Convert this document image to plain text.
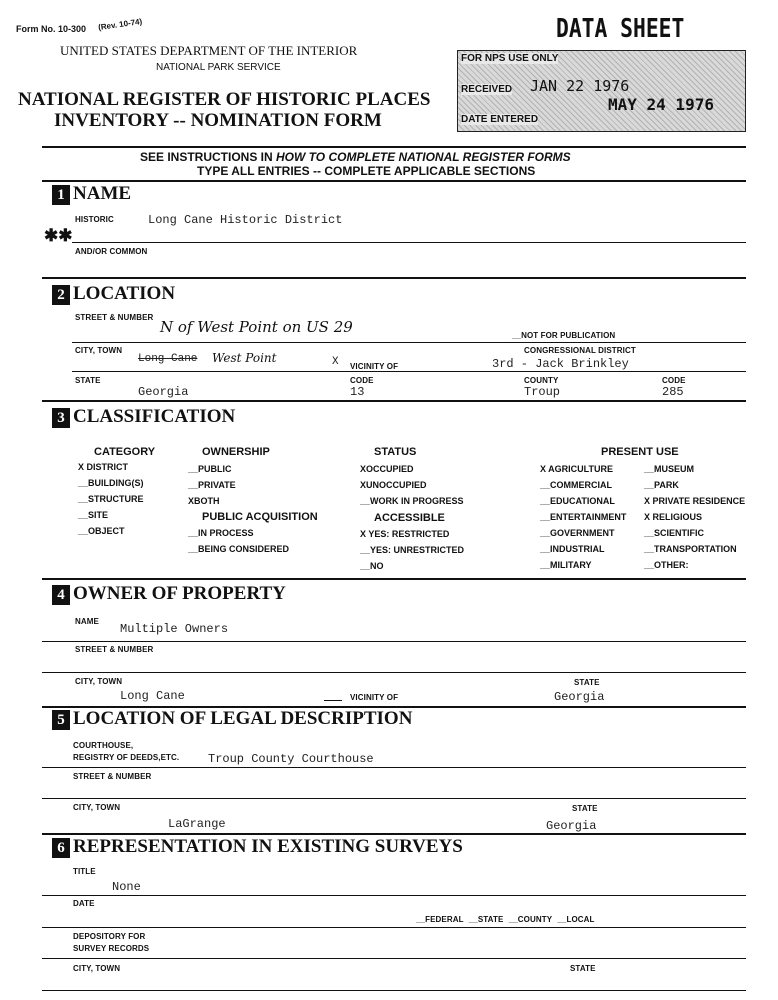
Form No. 10-300 (Rev. 10-74)
UNITED STATES DEPARTMENT OF THE INTERIOR
NATIONAL PARK SERVICE
NATIONAL REGISTER OF HISTORIC PLACES
INVENTORY -- NOMINATION FORM
DATA SHEET
FOR NPS USE ONLY
RECEIVED JAN 22 1976
DATE ENTERED
MAY 24 1976
SEE INSTRUCTIONS IN HOW TO COMPLETE NATIONAL REGISTER FORMS
TYPE ALL ENTRIES -- COMPLETE APPLICABLE SECTIONS
1 NAME
HISTORIC	Long Cane Historic District
✱✱
AND/OR COMMON
2 LOCATION
STREET & NUMBER
N of West Point on US 29	__NOT FOR PUBLICATION
CITY, TOWN	CONGRESSIONAL DISTRICT
Long Cane West Point	X VICINITY OF	3rd - Jack Brinkley
STATE	CODE	COUNTY	CODE
Georgia	13	Troup	285
3 CLASSIFICATION
CATEGORY	OWNERSHIP	STATUS	PRESENT USE
X DISTRICT
__BUILDING(S)
__STRUCTURE
__SITE
__OBJECT
__PUBLIC
__PRIVATE
XBOTH
PUBLIC ACQUISITION
__IN PROCESS
__BEING CONSIDERED
XOCCUPIED
XUNOCCUPIED
__WORK IN PROGRESS
ACCESSIBLE
X YES: RESTRICTED
__YES: UNRESTRICTED
__NO
X AGRICULTURE
__COMMERCIAL
__EDUCATIONAL
__ENTERTAINMENT
__GOVERNMENT
__INDUSTRIAL
__MILITARY
__MUSEUM
__PARK
X PRIVATE RESIDENCE
X RELIGIOUS
__SCIENTIFIC
__TRANSPORTATION
__OTHER:
4 OWNER OF PROPERTY
NAME
Multiple Owners
STREET & NUMBER
CITY, TOWN	STATE
Long Cane	VICINITY OF	Georgia
5 LOCATION OF LEGAL DESCRIPTION
COURTHOUSE,
REGISTRY OF DEEDS,ETC. Troup County Courthouse
STREET & NUMBER
CITY, TOWN	STATE
LaGrange	Georgia
6 REPRESENTATION IN EXISTING SURVEYS
TITLE
None
DATE
__FEDERAL __STATE __COUNTY __LOCAL
DEPOSITORY FOR
SURVEY RECORDS
CITY, TOWN	STATE
